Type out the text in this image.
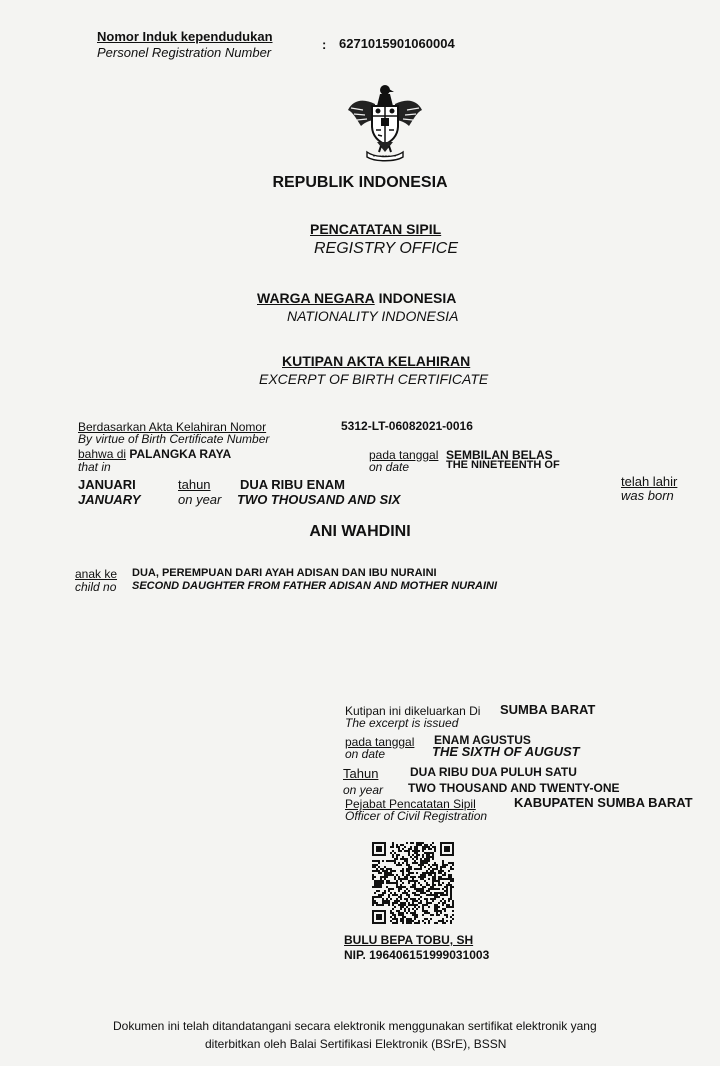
Nomor Induk kependudukan
Personel Registration Number
: 6271015901060004
REPUBLIK INDONESIA
PENCATATAN SIPIL
REGISTRY OFFICE
WARGA NEGARA INDONESIA
NATIONALITY INDONESIA
KUTIPAN AKTA KELAHIRAN
EXCERPT OF BIRTH CERTIFICATE
Berdasarkan Akta Kelahiran Nomor
By virtue of Birth Certificate Number
5312-LT-06082021-0016
bahwa di PALANGKA RAYA
that in
pada tanggal
on date
SEMBILAN BELAS
THE NINETEENTH OF
JANUARI
JANUARY
tahun
on year
DUA RIBU ENAM
TWO THOUSAND AND SIX
telah lahir
was born
ANI WAHDINI
anak ke
child no
DUA, PEREMPUAN DARI AYAH ADISAN DAN IBU NURAINI
SECOND DAUGHTER FROM FATHER ADISAN AND MOTHER NURAINI
Kutipan ini dikeluarkan Di
The excerpt is issued
SUMBA BARAT
pada tanggal
on date
ENAM AGUSTUS
THE SIXTH OF AUGUST
Tahun
on year
DUA RIBU DUA PULUH SATU
TWO THOUSAND AND TWENTY-ONE
Pejabat Pencatatan Sipil
Officer of Civil Registration
KABUPATEN SUMBA BARAT
BULU BEPA TOBU, SH
NIP. 196406151999031003
Dokumen ini telah ditandatangani secara elektronik menggunakan sertifikat elektronik yang
diterbitkan oleh Balai Sertifikasi Elektronik (BSrE), BSSN
